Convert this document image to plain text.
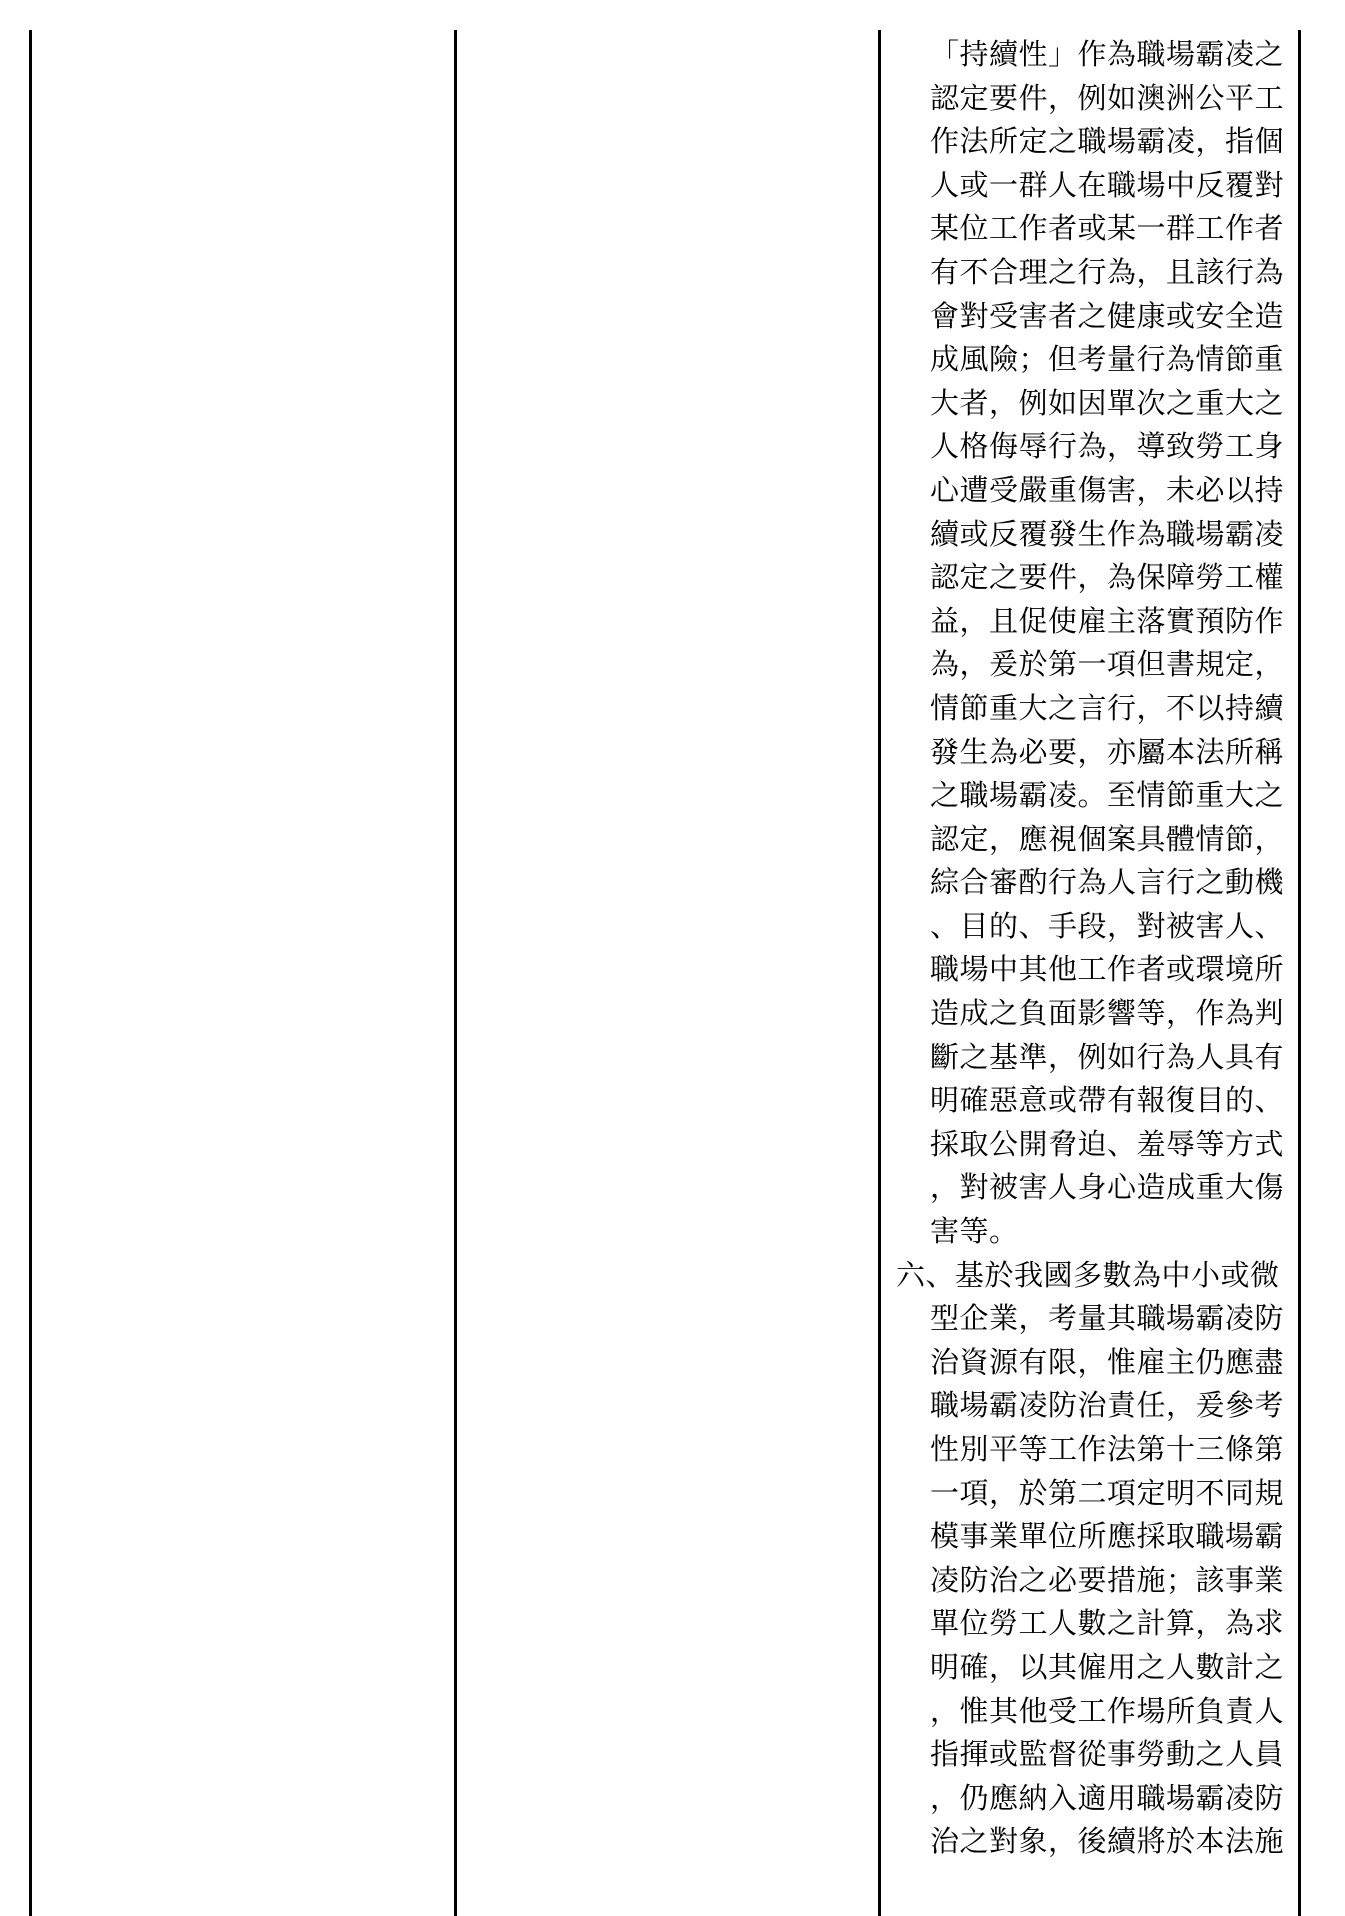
「持續性」作為職場霸凌之
認定要件，例如澳洲公平工
作法所定之職場霸凌，指個
人或一群人在職場中反覆對
某位工作者或某一群工作者
有不合理之行為，且該行為
會對受害者之健康或安全造
成風險；但考量行為情節重
大者，例如因單次之重大之
人格侮辱行為，導致勞工身
心遭受嚴重傷害，未必以持
續或反覆發生作為職場霸凌
認定之要件，為保障勞工權
益，且促使雇主落實預防作
為，爰於第一項但書規定，
情節重大之言行，不以持續
發生為必要，亦屬本法所稱
之職場霸凌。至情節重大之
認定，應視個案具體情節，
綜合審酌行為人言行之動機
、目的、手段，對被害人、
職場中其他工作者或環境所
造成之負面影響等，作為判
斷之基準，例如行為人具有
明確惡意或帶有報復目的、
採取公開脅迫、羞辱等方式
，對被害人身心造成重大傷
害等。
六、基於我國多數為中小或微
型企業，考量其職場霸凌防
治資源有限，惟雇主仍應盡
職場霸凌防治責任，爰參考
性別平等工作法第十三條第
一項，於第二項定明不同規
模事業單位所應採取職場霸
凌防治之必要措施；該事業
單位勞工人數之計算，為求
明確，以其僱用之人數計之
，惟其他受工作場所負責人
指揮或監督從事勞動之人員
，仍應納入適用職場霸凌防
治之對象，後續將於本法施
